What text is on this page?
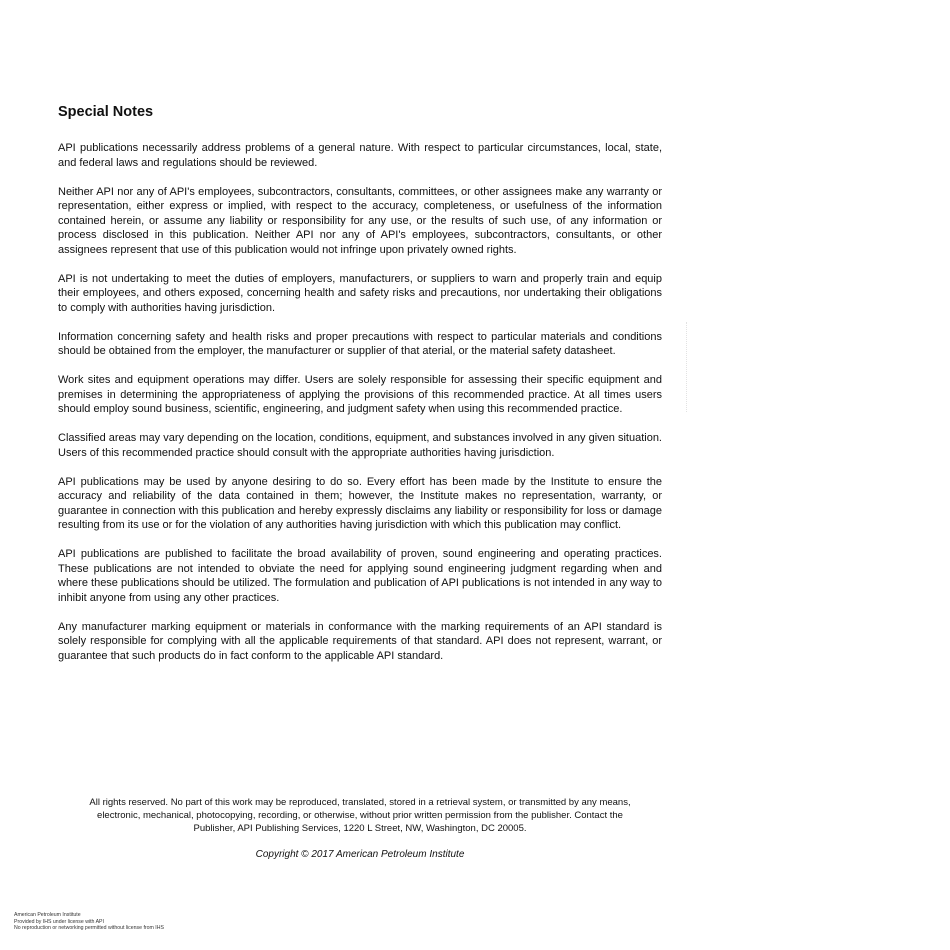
Special Notes

API publications necessarily address problems of a general nature. With respect to particular circumstances, local, state, and federal laws and regulations should be reviewed.

Neither API nor any of API's employees, subcontractors, consultants, committees, or other assignees make any warranty or representation, either express or implied, with respect to the accuracy, completeness, or usefulness of the information contained herein, or assume any liability or responsibility for any use, or the results of such use, of any information or process disclosed in this publication. Neither API nor any of API's employees, subcontractors, consultants, or other assignees represent that use of this publication would not infringe upon privately owned rights.

API is not undertaking to meet the duties of employers, manufacturers, or suppliers to warn and properly train and equip their employees, and others exposed, concerning health and safety risks and precautions, nor undertaking their obligations to comply with authorities having jurisdiction.

Information concerning safety and health risks and proper precautions with respect to particular materials and conditions should be obtained from the employer, the manufacturer or supplier of that aterial, or the material safety datasheet.

Work sites and equipment operations may differ. Users are solely responsible for assessing their specific equipment and premises in determining the appropriateness of applying the provisions of this recommended practice. At all times users should employ sound business, scientific, engineering, and judgment safety when using this recommended practice.

Classified areas may vary depending on the location, conditions, equipment, and substances involved in any given situation. Users of this recommended practice should consult with the appropriate authorities having jurisdiction.

API publications may be used by anyone desiring to do so. Every effort has been made by the Institute to ensure the accuracy and reliability of the data contained in them; however, the Institute makes no representation, warranty, or guarantee in connection with this publication and hereby expressly disclaims any liability or responsibility for loss or damage resulting from its use or for the violation of any authorities having jurisdiction with which this publication may conflict.

API publications are published to facilitate the broad availability of proven, sound engineering and operating practices. These publications are not intended to obviate the need for applying sound engineering judgment regarding when and where these publications should be utilized. The formulation and publication of API publications is not intended in any way to inhibit anyone from using any other practices.

Any manufacturer marking equipment or materials in conformance with the marking requirements of an API standard is solely responsible for complying with all the applicable requirements of that standard. API does not represent, warrant, or guarantee that such products do in fact conform to the applicable API standard.

All rights reserved. No part of this work may be reproduced, translated, stored in a retrieval system, or transmitted by any means,
electronic, mechanical, photocopying, recording, or otherwise, without prior written permission from the publisher. Contact the
Publisher, API Publishing Services, 1220 L Street, NW, Washington, DC 20005.
Copyright © 2017 American Petroleum Institute
American Petroleum Institute
Provided by IHS under license with API
No reproduction or networking permitted without license from IHS
